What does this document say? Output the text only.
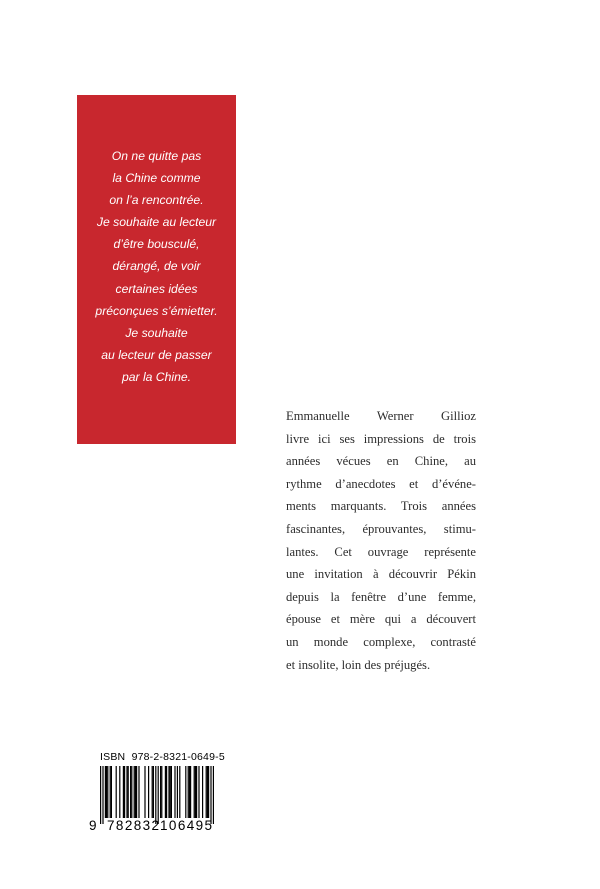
On ne quitte pas
la Chine comme
on l’a rencontrée.
Je souhaite au lecteur
d’être bousculé,
dérangé, de voir
certaines idées
préconçues s’émietter.
Je souhaite
au lecteur de passer
par la Chine.
Emmanuelle Werner Gillioz
livre ici ses impressions de trois
années vécues en Chine, au
rythme d’anecdotes et d’événe-
ments marquants. Trois années
fascinantes, éprouvantes, stimu-
lantes. Cet ouvrage représente
une invitation à découvrir Pékin
depuis la fenêtre d’une femme,
épouse et mère qui a découvert
un monde complexe, contrasté
et insolite, loin des préjugés.
ISBN 978-2-8321-0649-5
9 782832 106495
